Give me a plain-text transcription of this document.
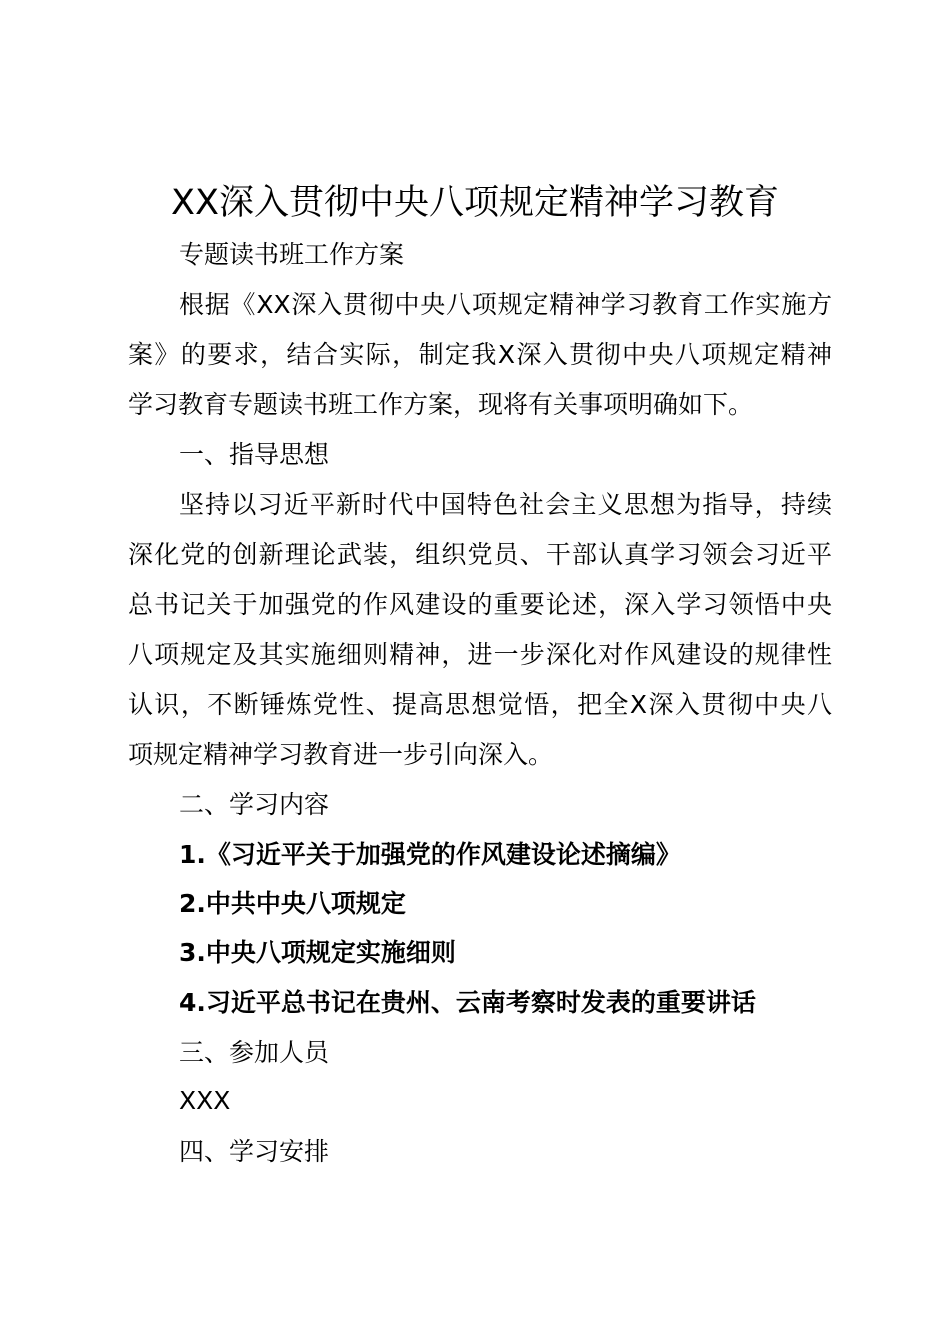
XX深入贯彻中央八项规定精神学习教育
专题读书班工作方案
根据《XX深入贯彻中央八项规定精神学习教育工作实施方
案》的要求，结合实际，制定我X深入贯彻中央八项规定精神
学习教育专题读书班工作方案，现将有关事项明确如下。
一、指导思想
坚持以习近平新时代中国特色社会主义思想为指导，持续
深化党的创新理论武装，组织党员、干部认真学习领会习近平
总书记关于加强党的作风建设的重要论述，深入学习领悟中央
八项规定及其实施细则精神，进一步深化对作风建设的规律性
认识，不断锤炼党性、提高思想觉悟，把全X深入贯彻中央八
项规定精神学习教育进一步引向深入。
二、学习内容
1.《习近平关于加强党的作风建设论述摘编》
2.中共中央八项规定
3.中央八项规定实施细则
4.习近平总书记在贵州、云南考察时发表的重要讲话
三、参加人员
XXX
四、学习安排
